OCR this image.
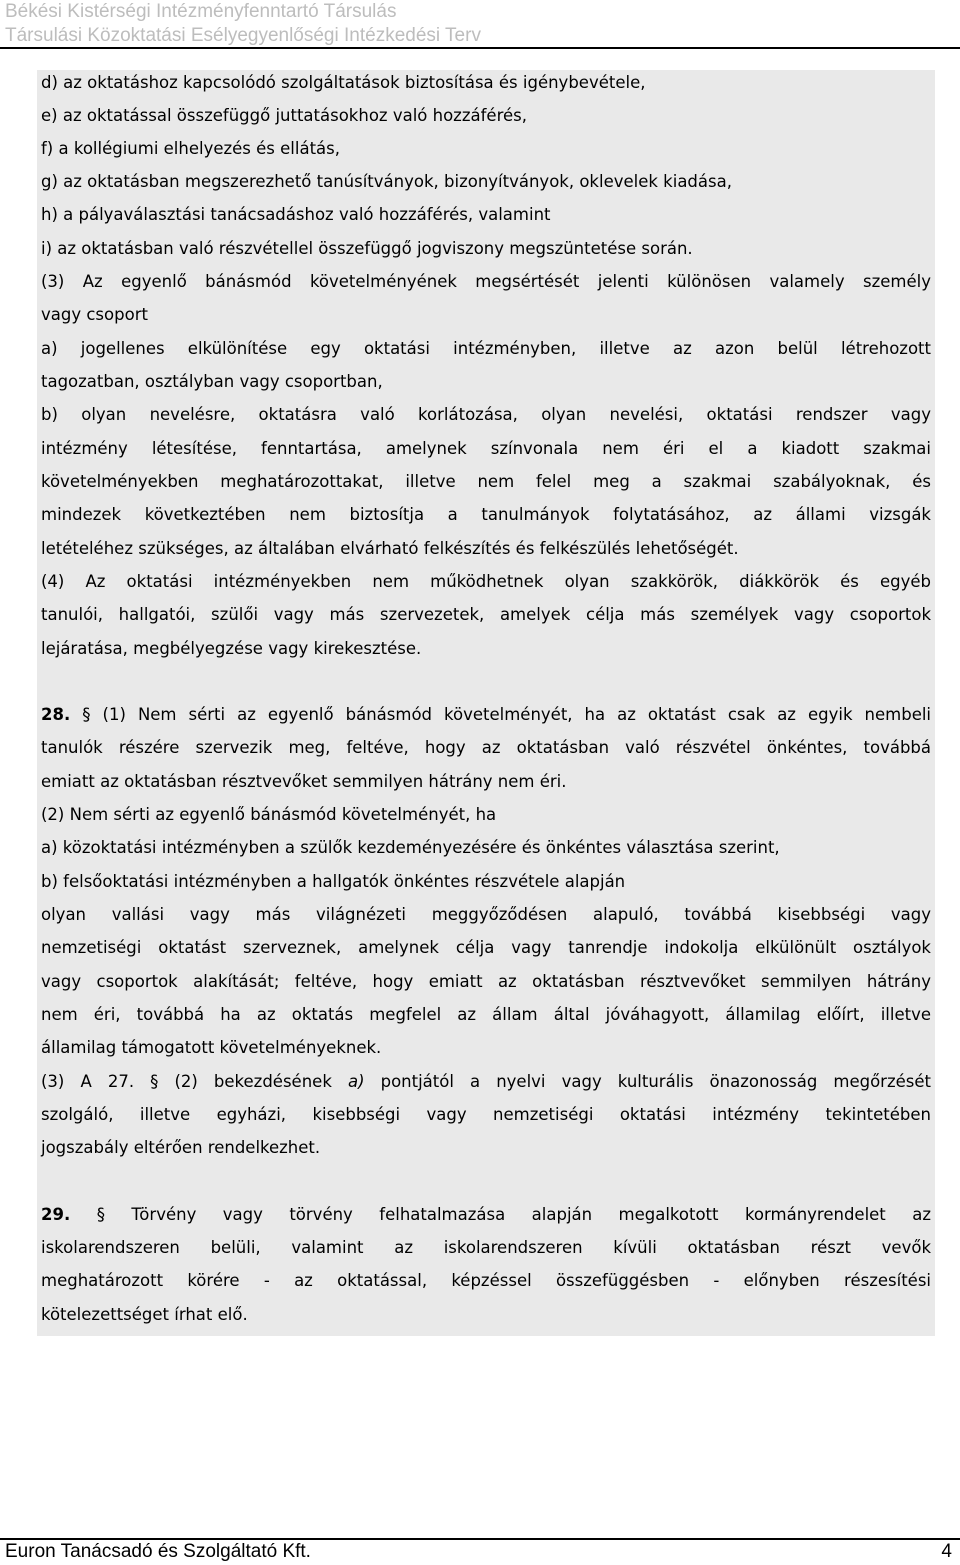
Békési Kistérségi Intézményfenntartó Társulás
Társulási Közoktatási Esélyegyenlőségi Intézkedési Terv
d) az oktatáshoz kapcsolódó szolgáltatások biztosítása és igénybevétele,
e) az oktatással összefüggő juttatásokhoz való hozzáférés,
f) a kollégiumi elhelyezés és ellátás,
g) az oktatásban megszerezhető tanúsítványok, bizonyítványok, oklevelek kiadása,
h) a pályaválasztási tanácsadáshoz való hozzáférés, valamint
i) az oktatásban való részvétellel összefüggő jogviszony megszüntetése során.
(3) Az egyenlő bánásmód követelményének megsértését jelenti különösen valamely személy
vagy csoport
a) jogellenes elkülönítése egy oktatási intézményben, illetve az azon belül létrehozott
tagozatban, osztályban vagy csoportban,
b) olyan nevelésre, oktatásra való korlátozása, olyan nevelési, oktatási rendszer vagy
intézmény létesítése, fenntartása, amelynek színvonala nem éri el a kiadott szakmai
követelményekben meghatározottakat, illetve nem felel meg a szakmai szabályoknak, és
mindezek következtében nem biztosítja a tanulmányok folytatásához, az állami vizsgák
letételéhez szükséges, az általában elvárható felkészítés és felkészülés lehetőségét.
(4) Az oktatási intézményekben nem működhetnek olyan szakkörök, diákkörök és egyéb
tanulói, hallgatói, szülői vagy más szervezetek, amelyek célja más személyek vagy csoportok
lejáratása, megbélyegzése vagy kirekesztése.
28. § (1) Nem sérti az egyenlő bánásmód követelményét, ha az oktatást csak az egyik nembeli
tanulók részére szervezik meg, feltéve, hogy az oktatásban való részvétel önkéntes, továbbá
emiatt az oktatásban résztvevőket semmilyen hátrány nem éri.
(2) Nem sérti az egyenlő bánásmód követelményét, ha
a) közoktatási intézményben a szülők kezdeményezésére és önkéntes választása szerint,
b) felsőoktatási intézményben a hallgatók önkéntes részvétele alapján
olyan vallási vagy más világnézeti meggyőződésen alapuló, továbbá kisebbségi vagy
nemzetiségi oktatást szerveznek, amelynek célja vagy tanrendje indokolja elkülönült osztályok
vagy csoportok alakítását; feltéve, hogy emiatt az oktatásban résztvevőket semmilyen hátrány
nem éri, továbbá ha az oktatás megfelel az állam által jóváhagyott, államilag előírt, illetve
államilag támogatott követelményeknek.
(3) A 27. § (2) bekezdésének a) pontjától a nyelvi vagy kulturális önazonosság megőrzését
szolgáló, illetve egyházi, kisebbségi vagy nemzetiségi oktatási intézmény tekintetében
jogszabály eltérően rendelkezhet.
29. § Törvény vagy törvény felhatalmazása alapján megalkotott kormányrendelet az
iskolarendszeren belüli, valamint az iskolarendszeren kívüli oktatásban részt vevők
meghatározott körére - az oktatással, képzéssel összefüggésben - előnyben részesítési
kötelezettséget írhat elő.
Euron Tanácsadó és Szolgáltató Kft.	4
